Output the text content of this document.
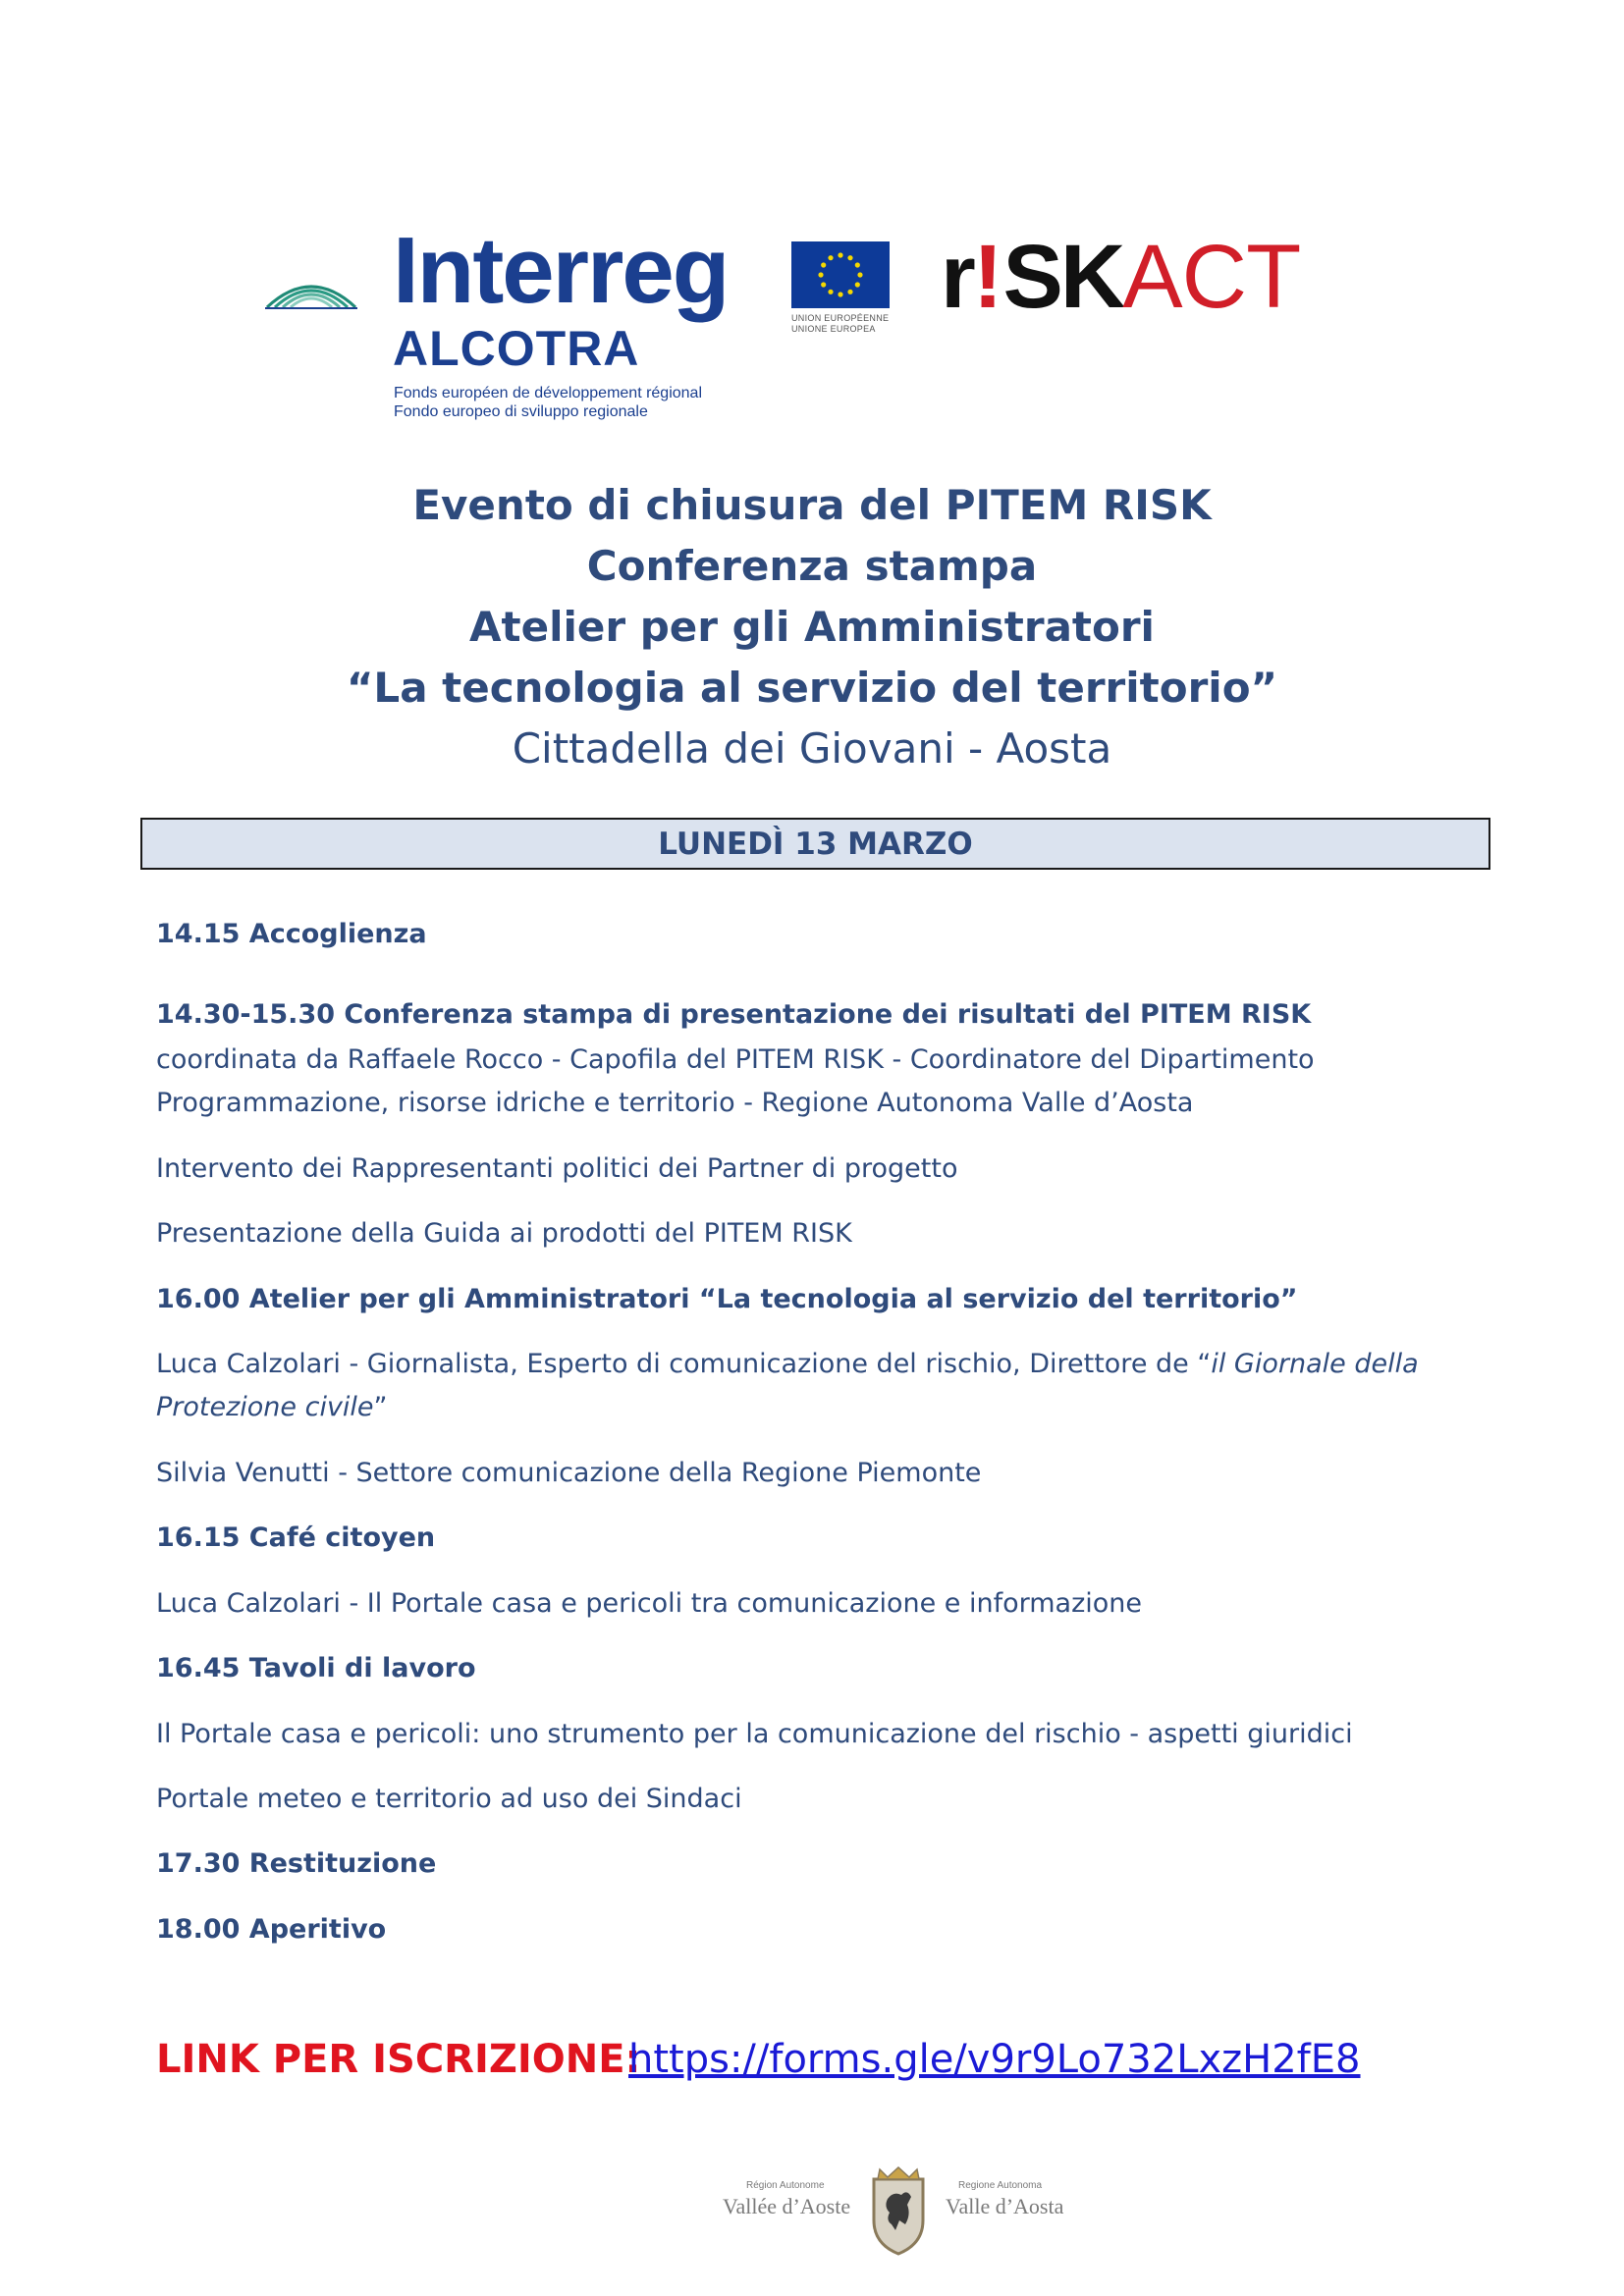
Interreg
ALCOTRA
Fonds européen de développement régional
Fondo europeo di sviluppo regionale
UNION EUROPÉENNE
UNIONE EUROPEA
r ! SK ACT
Evento di chiusura del PITEM RISK
Conferenza stampa
Atelier per gli Amministratori
“La tecnologia al servizio del territorio”
Cittadella dei Giovani - Aosta
LUNEDÌ 13 MARZO
14.15 Accoglienza
14.30-15.30 Conferenza stampa di presentazione dei risultati del PITEM RISK
coordinata da Raffaele Rocco - Capofila del PITEM RISK - Coordinatore del Dipartimento
Programmazione, risorse idriche e territorio - Regione Autonoma Valle d’Aosta
Intervento dei Rappresentanti politici dei Partner di progetto
Presentazione della Guida ai prodotti del PITEM RISK
16.00 Atelier per gli Amministratori “La tecnologia al servizio del territorio”
Luca Calzolari - Giornalista, Esperto di comunicazione del rischio, Direttore de “il Giornale della
Protezione civile”
Silvia Venutti - Settore comunicazione della Regione Piemonte
16.15 Café citoyen
Luca Calzolari - Il Portale casa e pericoli tra comunicazione e informazione
16.45 Tavoli di lavoro
Il Portale casa e pericoli: uno strumento per la comunicazione del rischio - aspetti giuridici
Portale meteo e territorio ad uso dei Sindaci
17.30 Restituzione
18.00 Aperitivo
LINK PER ISCRIZIONE:
https://forms.gle/v9r9Lo732LxzH2fE8
Région Autonome
Vallée d’Aoste
Regione Autonoma
Valle d’Aosta
